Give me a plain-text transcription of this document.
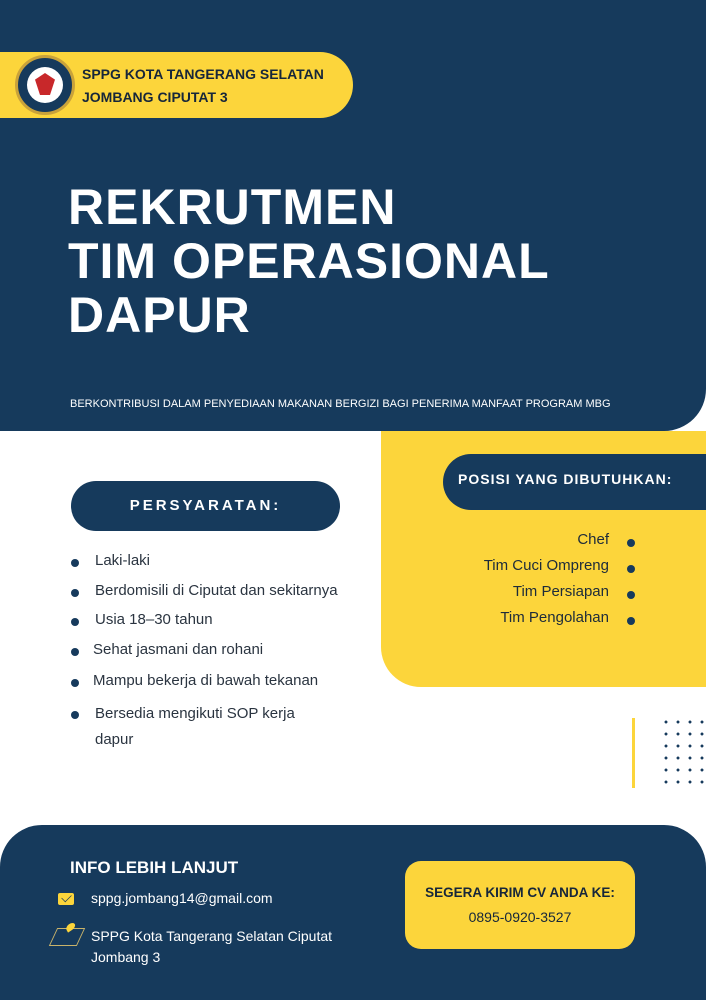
SPPG KOTA TANGERANG SELATAN
JOMBANG CIPUTAT 3
REKRUTMEN
TIM OPERASIONAL
DAPUR
BERKONTRIBUSI DALAM PENYEDIAAN MAKANAN BERGIZI BAGI PENERIMA MANFAAT PROGRAM MBG
POSISI YANG DIBUTUHKAN:
Chef
Tim Cuci Ompreng
Tim Persiapan
Tim Pengolahan
PERSYARATAN:
Laki-laki
Berdomisili di Ciputat dan sekitarnya
Usia 18–30 tahun
Sehat jasmani dan rohani
Mampu bekerja di bawah tekanan
Bersedia mengikuti SOP kerja dapur
INFO LEBIH LANJUT
sppg.jombang14@gmail.com
SPPG Kota Tangerang Selatan Ciputat Jombang 3
SEGERA KIRIM CV ANDA KE:
0895-0920-3527
